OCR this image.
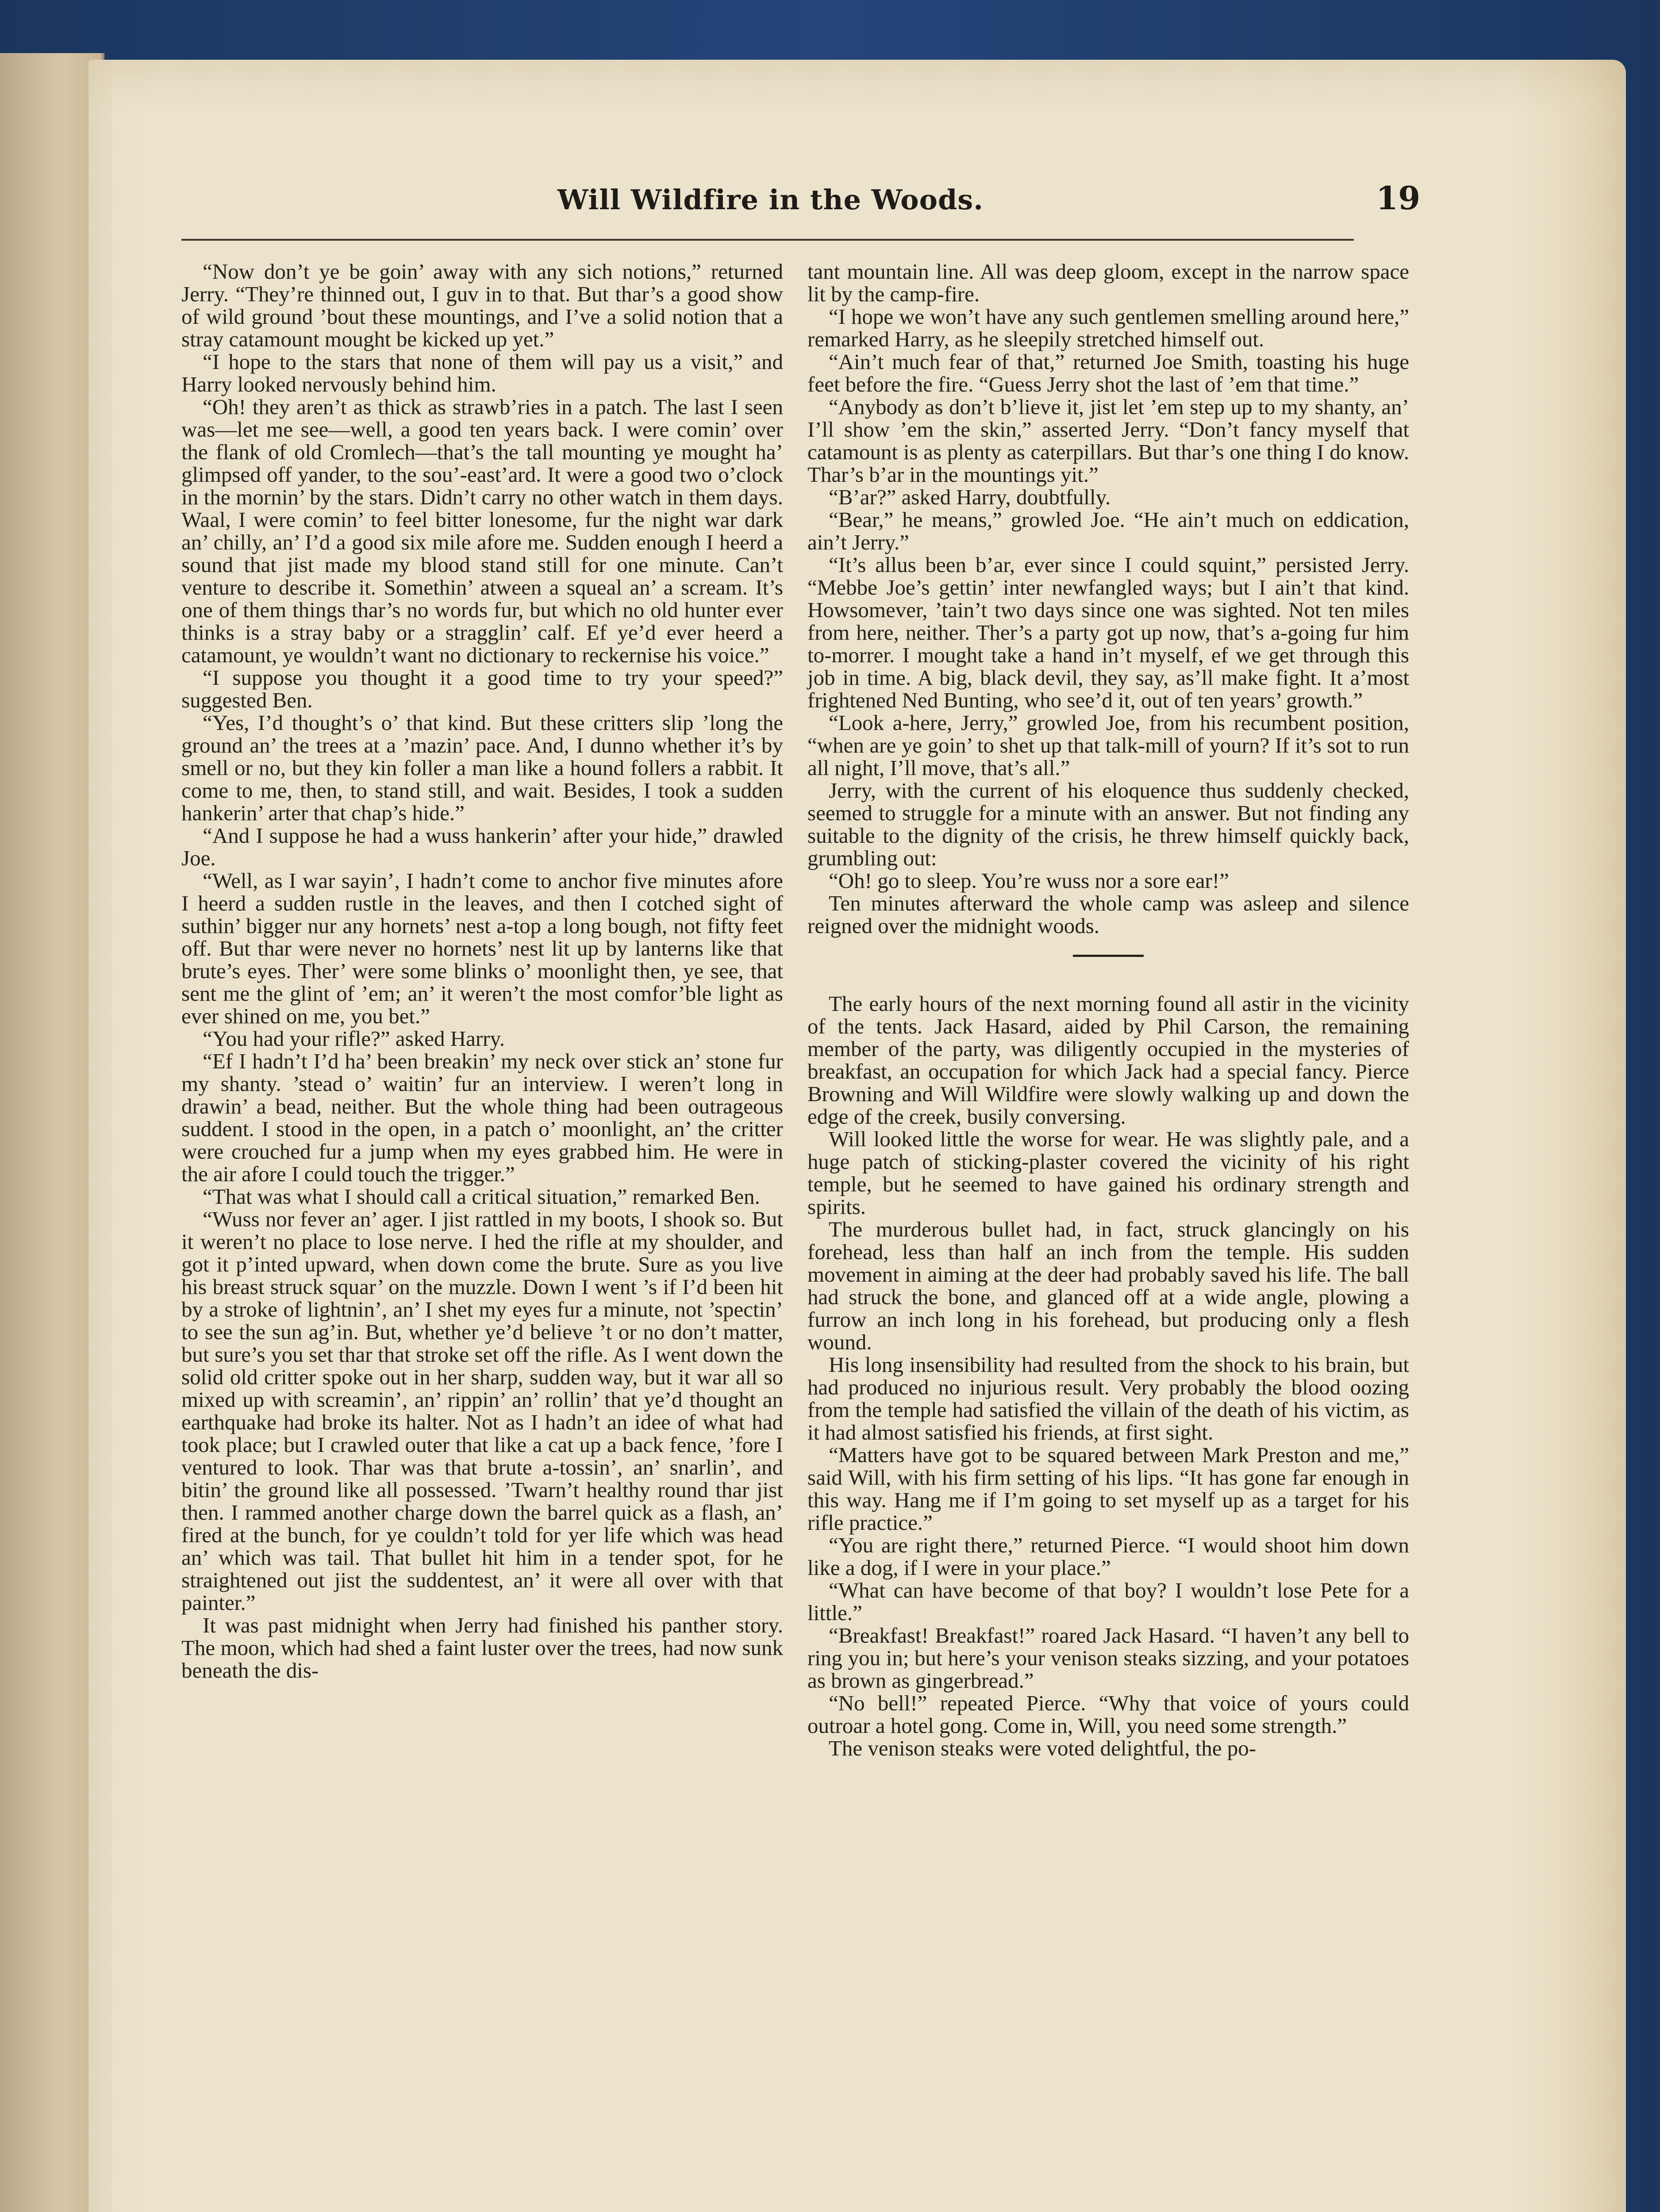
Will Wildfire in the Woods.	19

“Now don’t ye be goin’ away with any sich notions,” returned Jerry. “They’re thinned out, I guv in to that. But thar’s a good show of wild ground ’bout these mountings, and I’ve a solid notion that a stray catamount mought be kicked up yet.”

“I hope to the stars that none of them will pay us a visit,” and Harry looked nervously behind him.

“Oh! they aren’t as thick as strawb’ries in a patch. The last I seen was—let me see—well, a good ten years back. I were comin’ over the flank of old Cromlech—that’s the tall mounting ye mought ha’ glimpsed off yander, to the sou’-east’ard. It were a good two o’clock in the mornin’ by the stars. Didn’t carry no other watch in them days. Waal, I were comin’ to feel bitter lonesome, fur the night war dark an’ chilly, an’ I’d a good six mile afore me. Sudden enough I heerd a sound that jist made my blood stand still for one minute. Can’t venture to describe it. Somethin’ atween a squeal an’ a scream. It’s one of them things thar’s no words fur, but which no old hunter ever thinks is a stray baby or a stragglin’ calf. Ef ye’d ever heerd a catamount, ye wouldn’t want no dictionary to reckernise his voice.”

“I suppose you thought it a good time to try your speed?” suggested Ben.

“Yes, I’d thought’s o’ that kind. But these critters slip ’long the ground an’ the trees at a ’mazin’ pace. And, I dunno whether it’s by smell or no, but they kin foller a man like a hound follers a rabbit. It come to me, then, to stand still, and wait. Besides, I took a sudden hankerin’ arter that chap’s hide.”

“And I suppose he had a wuss hankerin’ after your hide,” drawled Joe.

“Well, as I war sayin’, I hadn’t come to anchor five minutes afore I heerd a sudden rustle in the leaves, and then I cotched sight of suthin’ bigger nur any hornets’ nest a-top a long bough, not fifty feet off. But thar were never no hornets’ nest lit up by lanterns like that brute’s eyes. Ther’ were some blinks o’ moonlight then, ye see, that sent me the glint of ’em; an’ it weren’t the most comfor’ble light as ever shined on me, you bet.”

“You had your rifle?” asked Harry.

“Ef I hadn’t I’d ha’ been breakin’ my neck over stick an’ stone fur my shanty. ’stead o’ waitin’ fur an interview. I weren’t long in drawin’ a bead, neither. But the whole thing had been outrageous suddent. I stood in the open, in a patch o’ moonlight, an’ the critter were crouched fur a jump when my eyes grabbed him. He were in the air afore I could touch the trigger.”

“That was what I should call a critical situation,” remarked Ben.

“Wuss nor fever an’ ager. I jist rattled in my boots, I shook so. But it weren’t no place to lose nerve. I hed the rifle at my shoulder, and got it p’inted upward, when down come the brute. Sure as you live his breast struck squar’ on the muzzle. Down I went ’s if I’d been hit by a stroke of lightnin’, an’ I shet my eyes fur a minute, not ’spectin’ to see the sun ag’in. But, whether ye’d believe ’t or no don’t matter, but sure’s you set thar that stroke set off the rifle. As I went down the solid old critter spoke out in her sharp, sudden way, but it war all so mixed up with screamin’, an’ rippin’ an’ rollin’ that ye’d thought an earthquake had broke its halter. Not as I hadn’t an idee of what had took place; but I crawled outer that like a cat up a back fence, ’fore I ventured to look. Thar was that brute a-tossin’, an’ snarlin’, and bitin’ the ground like all possessed. ’Twarn’t healthy round thar jist then. I rammed another charge down the barrel quick as a flash, an’ fired at the bunch, for ye couldn’t told for yer life which was head an’ which was tail. That bullet hit him in a tender spot, for he straightened out jist the suddentest, an’ it were all over with that painter.”

It was past midnight when Jerry had finished his panther story. The moon, which had shed a faint luster over the trees, had now sunk beneath the dis-

tant mountain line. All was deep gloom, except in the narrow space lit by the camp-fire.

“I hope we won’t have any such gentlemen smelling around here,” remarked Harry, as he sleepily stretched himself out.

“Ain’t much fear of that,” returned Joe Smith, toasting his huge feet before the fire. “Guess Jerry shot the last of ’em that time.”

“Anybody as don’t b’lieve it, jist let ’em step up to my shanty, an’ I’ll show ’em the skin,” asserted Jerry. “Don’t fancy myself that catamount is as plenty as caterpillars. But thar’s one thing I do know. Thar’s b’ar in the mountings yit.”

“B’ar?” asked Harry, doubtfully.

“Bear,” he means,” growled Joe. “He ain’t much on eddication, ain’t Jerry.”

“It’s allus been b’ar, ever since I could squint,” persisted Jerry. “Mebbe Joe’s gettin’ inter newfangled ways; but I ain’t that kind. Howsomever, ’tain’t two days since one was sighted. Not ten miles from here, neither. Ther’s a party got up now, that’s a-going fur him to-morrer. I mought take a hand in’t myself, ef we get through this job in time. A big, black devil, they say, as’ll make fight. It a’most frightened Ned Bunting, who see’d it, out of ten years’ growth.”

“Look a-here, Jerry,” growled Joe, from his recumbent position, “when are ye goin’ to shet up that talk-mill of yourn? If it’s sot to run all night, I’ll move, that’s all.”

Jerry, with the current of his eloquence thus suddenly checked, seemed to struggle for a minute with an answer. But not finding any suitable to the dignity of the crisis, he threw himself quickly back, grumbling out:

“Oh! go to sleep. You’re wuss nor a sore ear!”

Ten minutes afterward the whole camp was asleep and silence reigned over the midnight woods.

The early hours of the next morning found all astir in the vicinity of the tents. Jack Hasard, aided by Phil Carson, the remaining member of the party, was diligently occupied in the mysteries of breakfast, an occupation for which Jack had a special fancy. Pierce Browning and Will Wildfire were slowly walking up and down the edge of the creek, busily conversing.

Will looked little the worse for wear. He was slightly pale, and a huge patch of sticking-plaster covered the vicinity of his right temple, but he seemed to have gained his ordinary strength and spirits.

The murderous bullet had, in fact, struck glancingly on his forehead, less than half an inch from the temple. His sudden movement in aiming at the deer had probably saved his life. The ball had struck the bone, and glanced off at a wide angle, plowing a furrow an inch long in his forehead, but producing only a flesh wound.

His long insensibility had resulted from the shock to his brain, but had produced no injurious result. Very probably the blood oozing from the temple had satisfied the villain of the death of his victim, as it had almost satisfied his friends, at first sight.

“Matters have got to be squared between Mark Preston and me,” said Will, with his firm setting of his lips. “It has gone far enough in this way. Hang me if I’m going to set myself up as a target for his rifle practice.”

“You are right there,” returned Pierce. “I would shoot him down like a dog, if I were in your place.”

“What can have become of that boy? I wouldn’t lose Pete for a little.”

“Breakfast! Breakfast!” roared Jack Hasard. “I haven’t any bell to ring you in; but here’s your venison steaks sizzing, and your potatoes as brown as gingerbread.”

“No bell!” repeated Pierce. “Why that voice of yours could outroar a hotel gong. Come in, Will, you need some strength.”

The venison steaks were voted delightful, the po-
